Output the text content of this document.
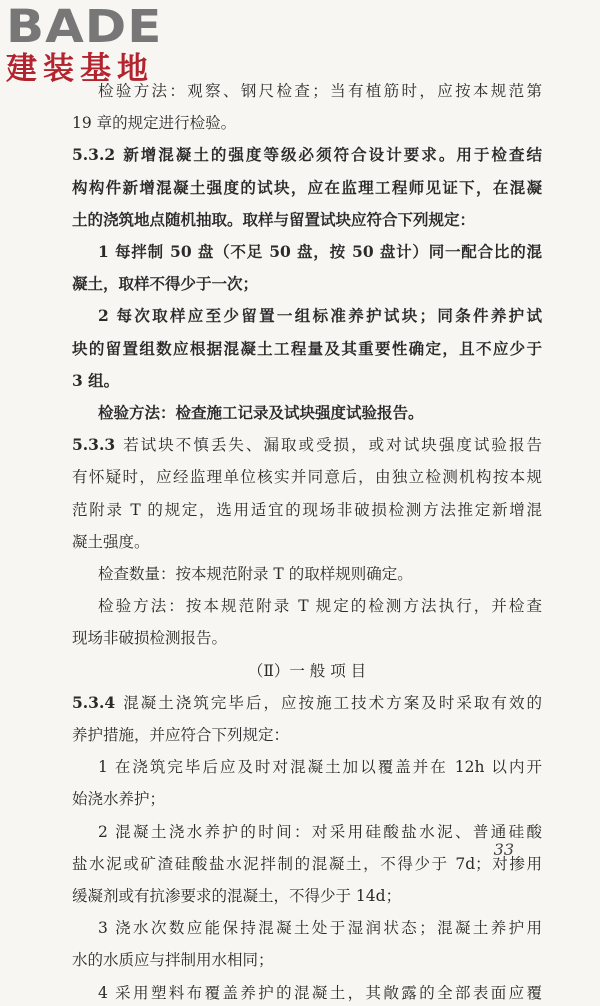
BADE
建装基地
检验方法：观察、钢尺检查；当有植筋时，应按本规范第
19 章的规定进行检验。
5.3.2 新增混凝土的强度等级必须符合设计要求。用于检查结
构构件新增混凝土强度的试块，应在监理工程师见证下，在混凝
土的浇筑地点随机抽取。取样与留置试块应符合下列规定：
1 每拌制 50 盘（不足 50 盘，按 50 盘计）同一配合比的混
凝土，取样不得少于一次；
2 每次取样应至少留置一组标准养护试块；同条件养护试
块的留置组数应根据混凝土工程量及其重要性确定，且不应少于
3 组。
检验方法：检查施工记录及试块强度试验报告。
5.3.3 若试块不慎丢失、漏取或受损，或对试块强度试验报告
有怀疑时，应经监理单位核实并同意后，由独立检测机构按本规
范附录 T 的规定，选用适宜的现场非破损检测方法推定新增混
凝土强度。
检查数量：按本规范附录 T 的取样规则确定。
检验方法：按本规范附录 T 规定的检测方法执行，并检查
现场非破损检测报告。
（Ⅱ）一 般 项 目
5.3.4 混凝土浇筑完毕后，应按施工技术方案及时采取有效的
养护措施，并应符合下列规定：
1 在浇筑完毕后应及时对混凝土加以覆盖并在 12h 以内开
始浇水养护；
2 混凝土浇水养护的时间：对采用硅酸盐水泥、普通硅酸
盐水泥或矿渣硅酸盐水泥拌制的混凝土，不得少于 7d；对掺用
缓凝剂或有抗渗要求的混凝土，不得少于 14d；
3 浇水次数应能保持混凝土处于湿润状态；混凝土养护用
水的水质应与拌制用水相同；
4 采用塑料布覆盖养护的混凝土，其敞露的全部表面应覆
33
